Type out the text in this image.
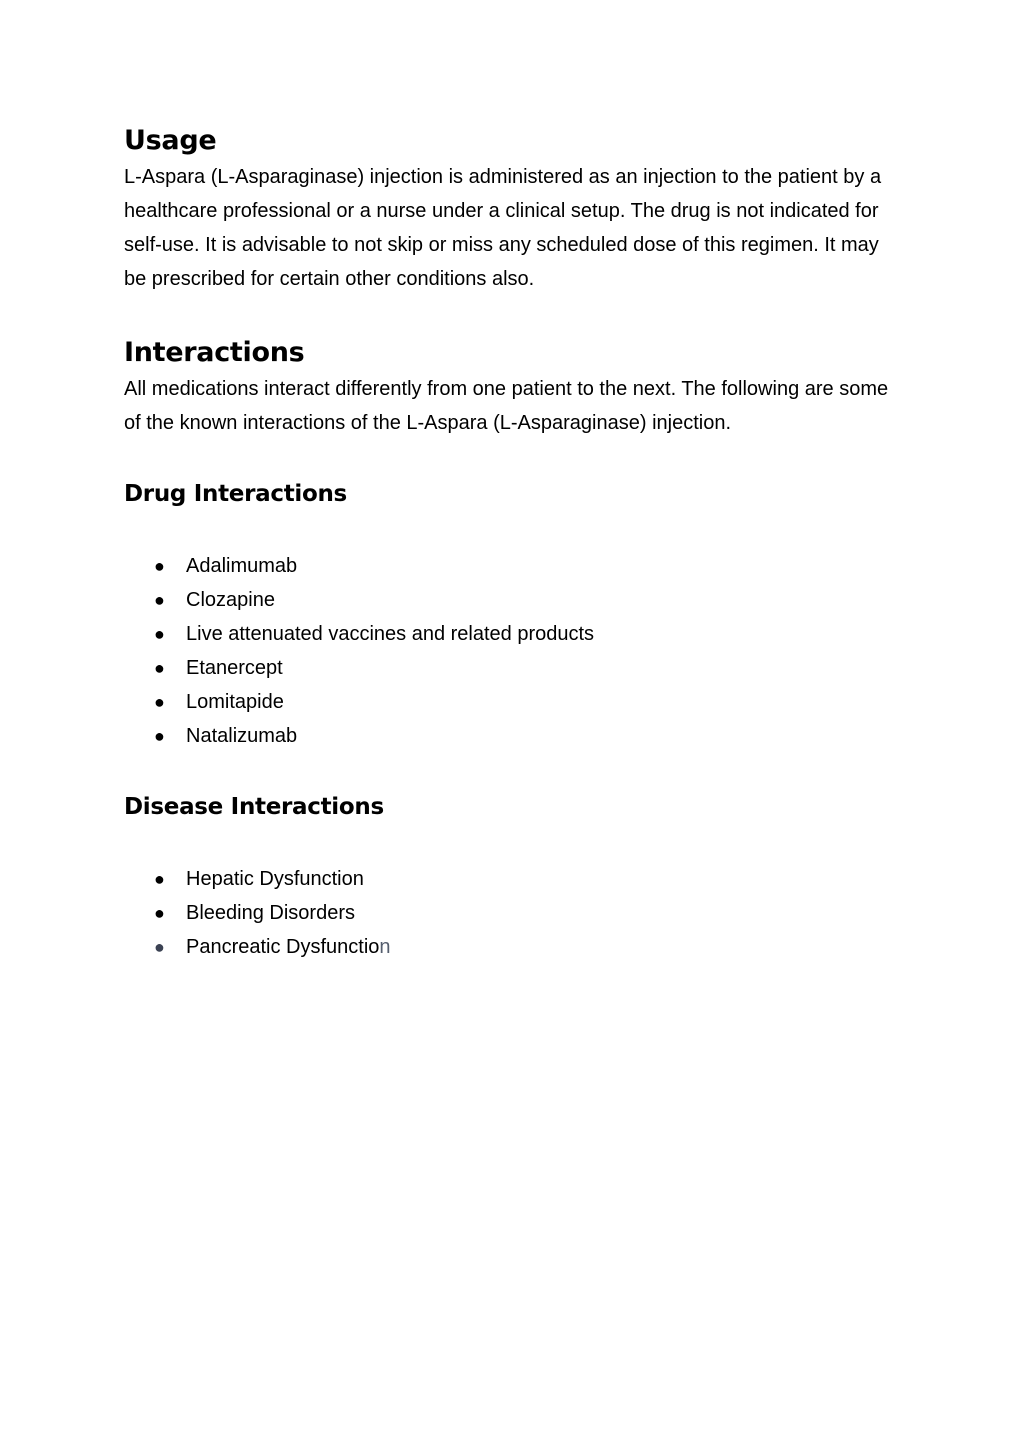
Usage

L-Aspara (L-Asparaginase) injection is administered as an injection to the patient by a healthcare professional or a nurse under a clinical setup. The drug is not indicated for self-use. It is advisable to not skip or miss any scheduled dose of this regimen. It may be prescribed for certain other conditions also.

Interactions

All medications interact differently from one patient to the next. The following are some of the known interactions of the L-Aspara (L-Asparaginase) injection.

Drug Interactions
● Adalimumab
● Clozapine
● Live attenuated vaccines and related products
● Etanercept
● Lomitapide
● Natalizumab
Disease Interactions
● Hepatic Dysfunction
● Bleeding Disorders
● Pancreatic Dysfunction
